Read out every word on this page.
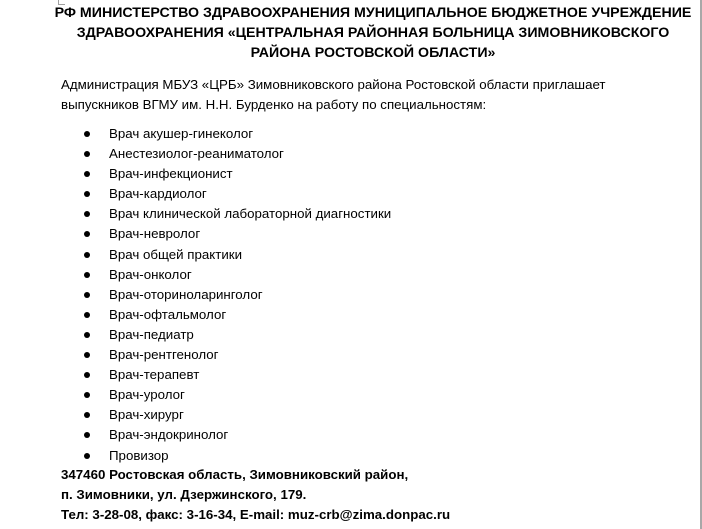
РФ МИНИСТЕРСТВО ЗДРАВООХРАНЕНИЯ МУНИЦИПАЛЬНОЕ БЮДЖЕТНОЕ УЧРЕЖДЕНИЕ
ЗДРАВООХРАНЕНИЯ «ЦЕНТРАЛЬНАЯ РАЙОННАЯ БОЛЬНИЦА ЗИМОВНИКОВСКОГО
РАЙОНА РОСТОВСКОЙ ОБЛАСТИ»
Администрация МБУЗ «ЦРБ» Зимовниковского района Ростовской области приглашает
выпускников ВГМУ им. Н.Н. Бурденко на работу по специальностям:
Врач акушер-гинеколог
Анестезиолог-реаниматолог
Врач-инфекционист
Врач-кардиолог
Врач клинической лабораторной диагностики
Врач-невролог
Врач общей практики
Врач-онколог
Врач-оториноларинголог
Врач-офтальмолог
Врач-педиатр
Врач-рентгенолог
Врач-терапевт
Врач-уролог
Врач-хирург
Врач-эндокринолог
Провизор
347460 Ростовская область, Зимовниковский район,
п. Зимовники, ул. Дзержинского, 179.
Тел: 3-28-08, факс: 3-16-34, E-mail: muz-crb@zima.donpac.ru
